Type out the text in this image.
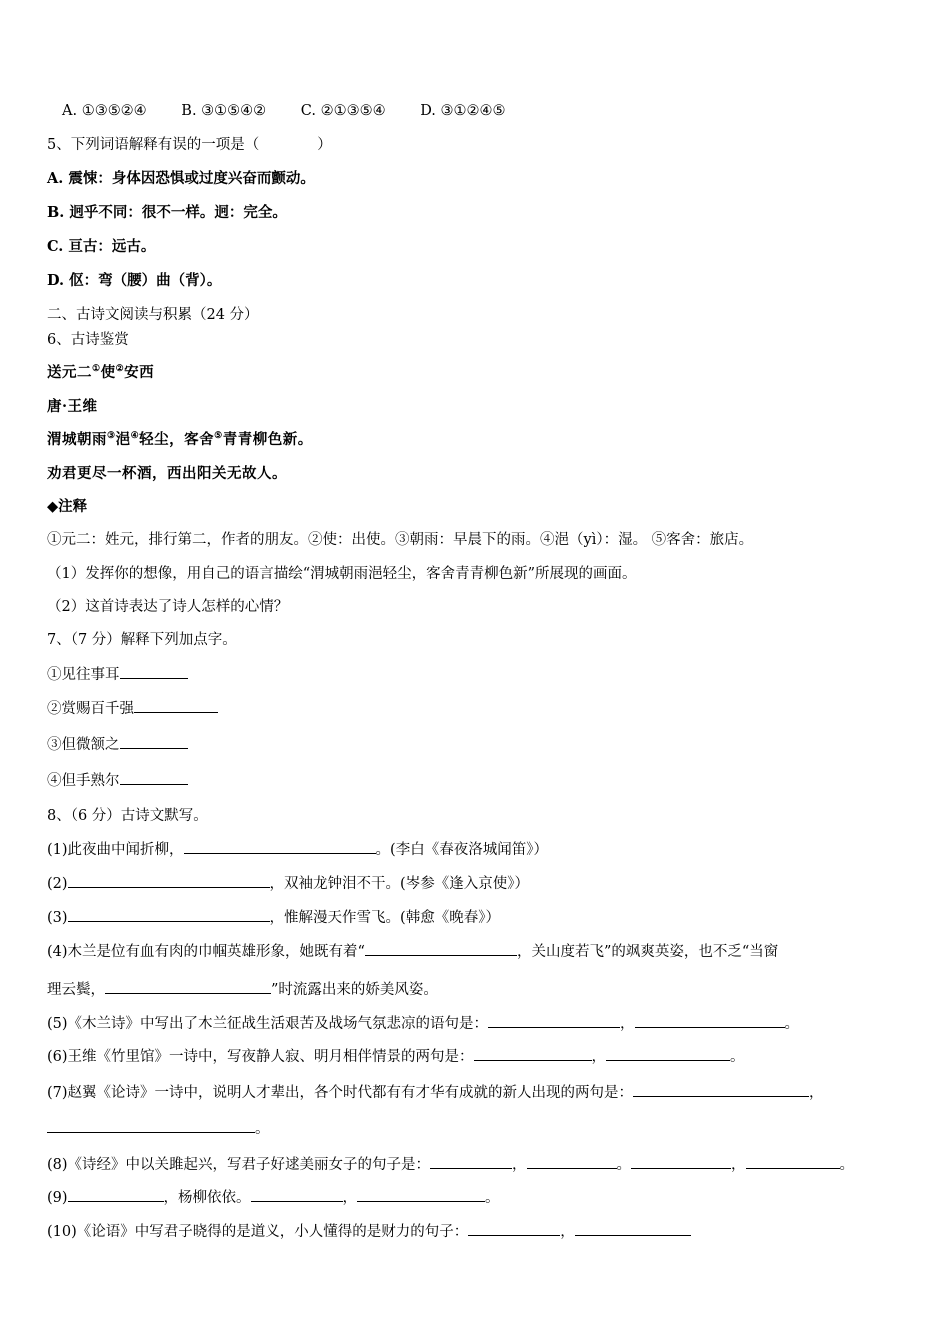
A. ①③⑤②④ B. ③①⑤④② C. ②①③⑤④ D. ③①②④⑤
5、下列词语解释有误的一项是（	）
A. 震悚：身体因恐惧或过度兴奋而颤动。
B. 迥乎不同：很不一样。迥：完全。
C. 亘古：远古。
D. 伛：弯（腰）曲（背）。
二、古诗文阅读与积累（24 分）
6、古诗鉴赏
送元二①使②安西
唐·王维
渭城朝雨③浥④轻尘，客舍⑤青青柳色新。
劝君更尽一杯酒，西出阳关无故人。
◆注释
①元二：姓元，排行第二，作者的朋友。②使：出使。③朝雨：早晨下的雨。④浥（yì）：湿。 ⑤客舍：旅店。
（1）发挥你的想像，用自己的语言描绘“渭城朝雨浥轻尘，客舍青青柳色新”所展现的画面。
（2）这首诗表达了诗人怎样的心情？
7、（7 分）解释下列加点字。
①见往事耳
②赏赐百千强
③但微颔之
④但手熟尔
8、（6 分）古诗文默写。
(1)此夜曲中闻折柳，	。(李白《春夜洛城闻笛》）
(2)	，双袖龙钟泪不干。(岑参《逢入京使》）
(3)	，惟解漫天作雪飞。(韩愈《晚春》）
(4)木兰是位有血有肉的巾帼英雄形象，她既有着“	，关山度若飞”的飒爽英姿，也不乏“当窗
理云鬓，	”时流露出来的娇美风姿。
(5)《木兰诗》中写出了木兰征战生活艰苦及战场气氛悲凉的语句是：	，	。
(6)王维《竹里馆》一诗中，写夜静人寂、明月相伴情景的两句是：	，	。
(7)赵翼《论诗》一诗中，说明人才辈出，各个时代都有有才华有成就的新人出现的两句是：	，
。
(8)《诗经》中以关雎起兴，写君子好逑美丽女子的句子是：	，	。	，	。
(9)	，杨柳依依。	，	。
(10)《论语》中写君子晓得的是道义，小人懂得的是财力的句子：	，
